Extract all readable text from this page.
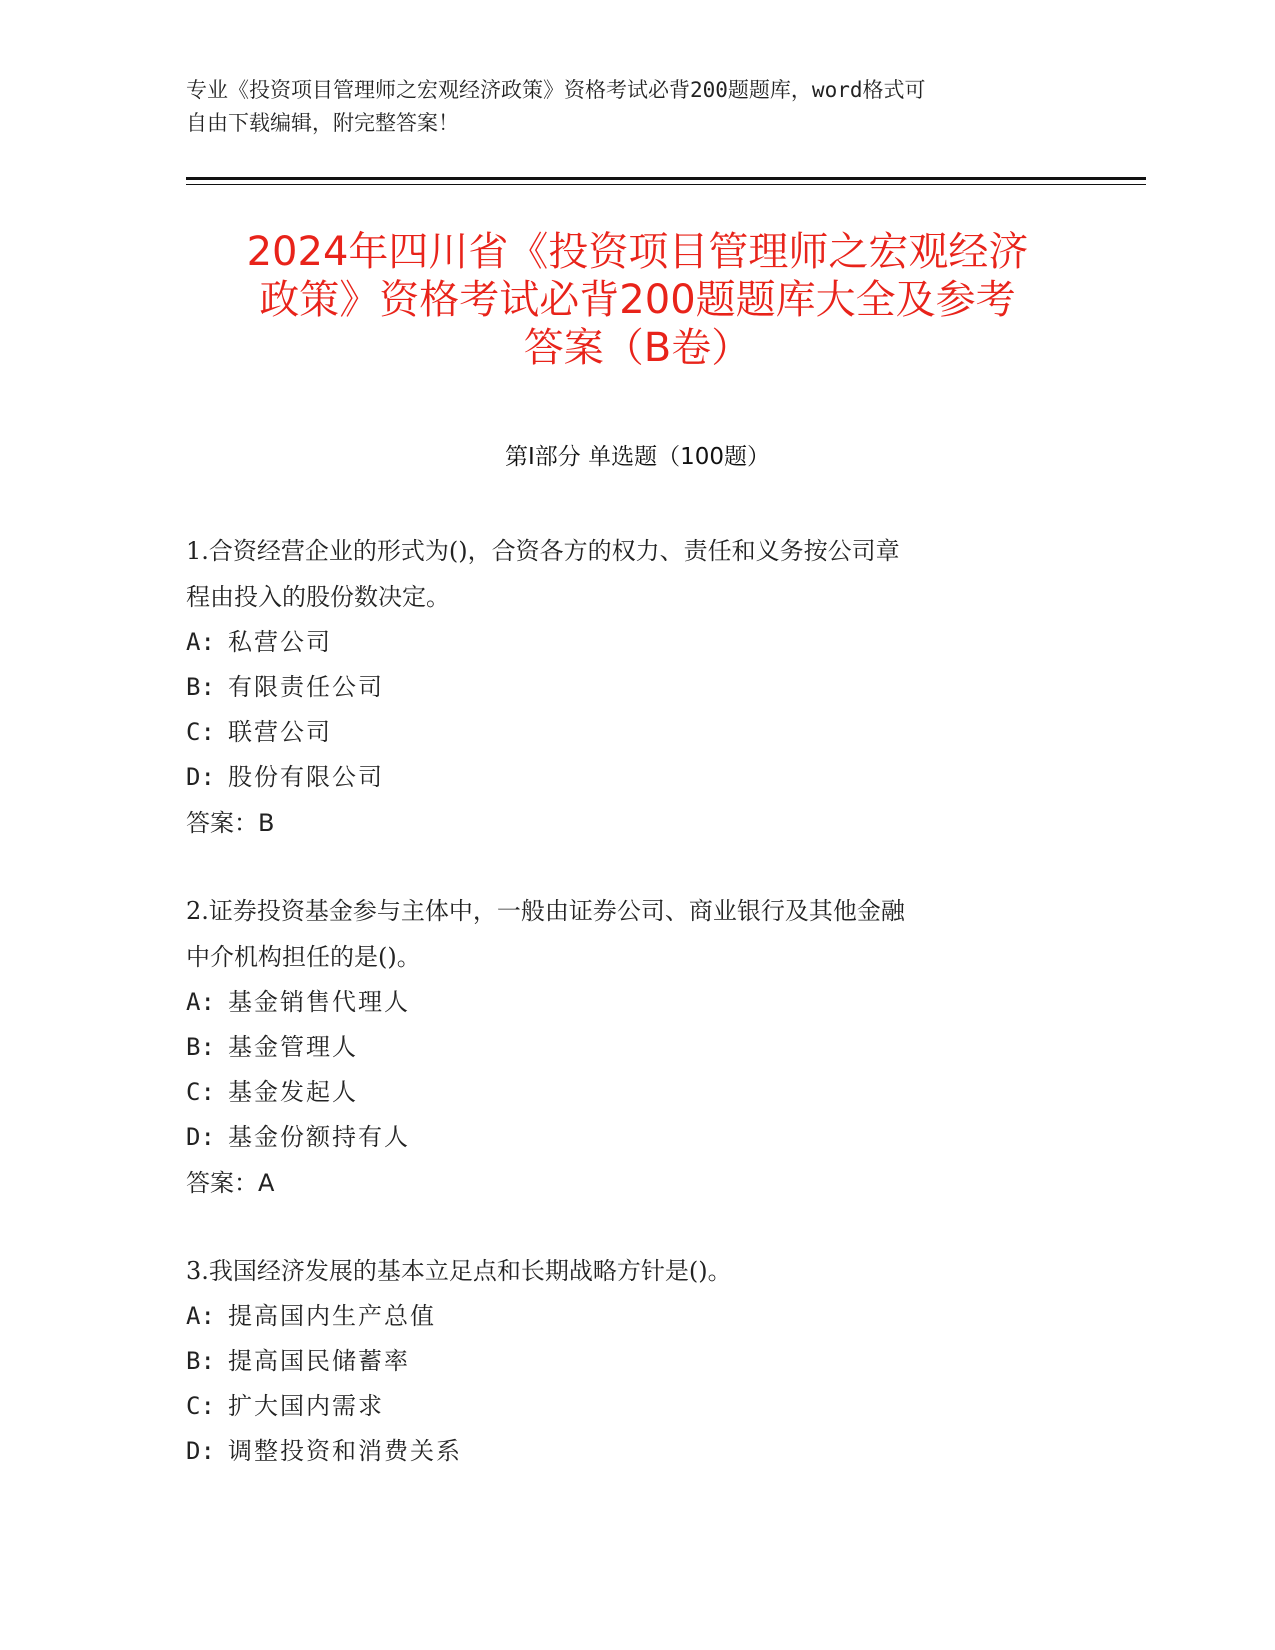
专业《投资项目管理师之宏观经济政策》资格考试必背200题题库，word格式可
自由下载编辑，附完整答案！
2024年四川省《投资项目管理师之宏观经济
政策》资格考试必背200题题库大全及参考
答案（B卷）
第Ⅰ部分 单选题（100题）
1.合资经营企业的形式为()，合资各方的权力、责任和义务按公司章
程由投入的股份数决定。
A: 私营公司
B: 有限责任公司
C: 联营公司
D: 股份有限公司
答案：B
2.证券投资基金参与主体中，一般由证券公司、商业银行及其他金融
中介机构担任的是()。
A: 基金销售代理人
B: 基金管理人
C: 基金发起人
D: 基金份额持有人
答案：A
3.我国经济发展的基本立足点和长期战略方针是()。
A: 提高国内生产总值
B: 提高国民储蓄率
C: 扩大国内需求
D: 调整投资和消费关系
